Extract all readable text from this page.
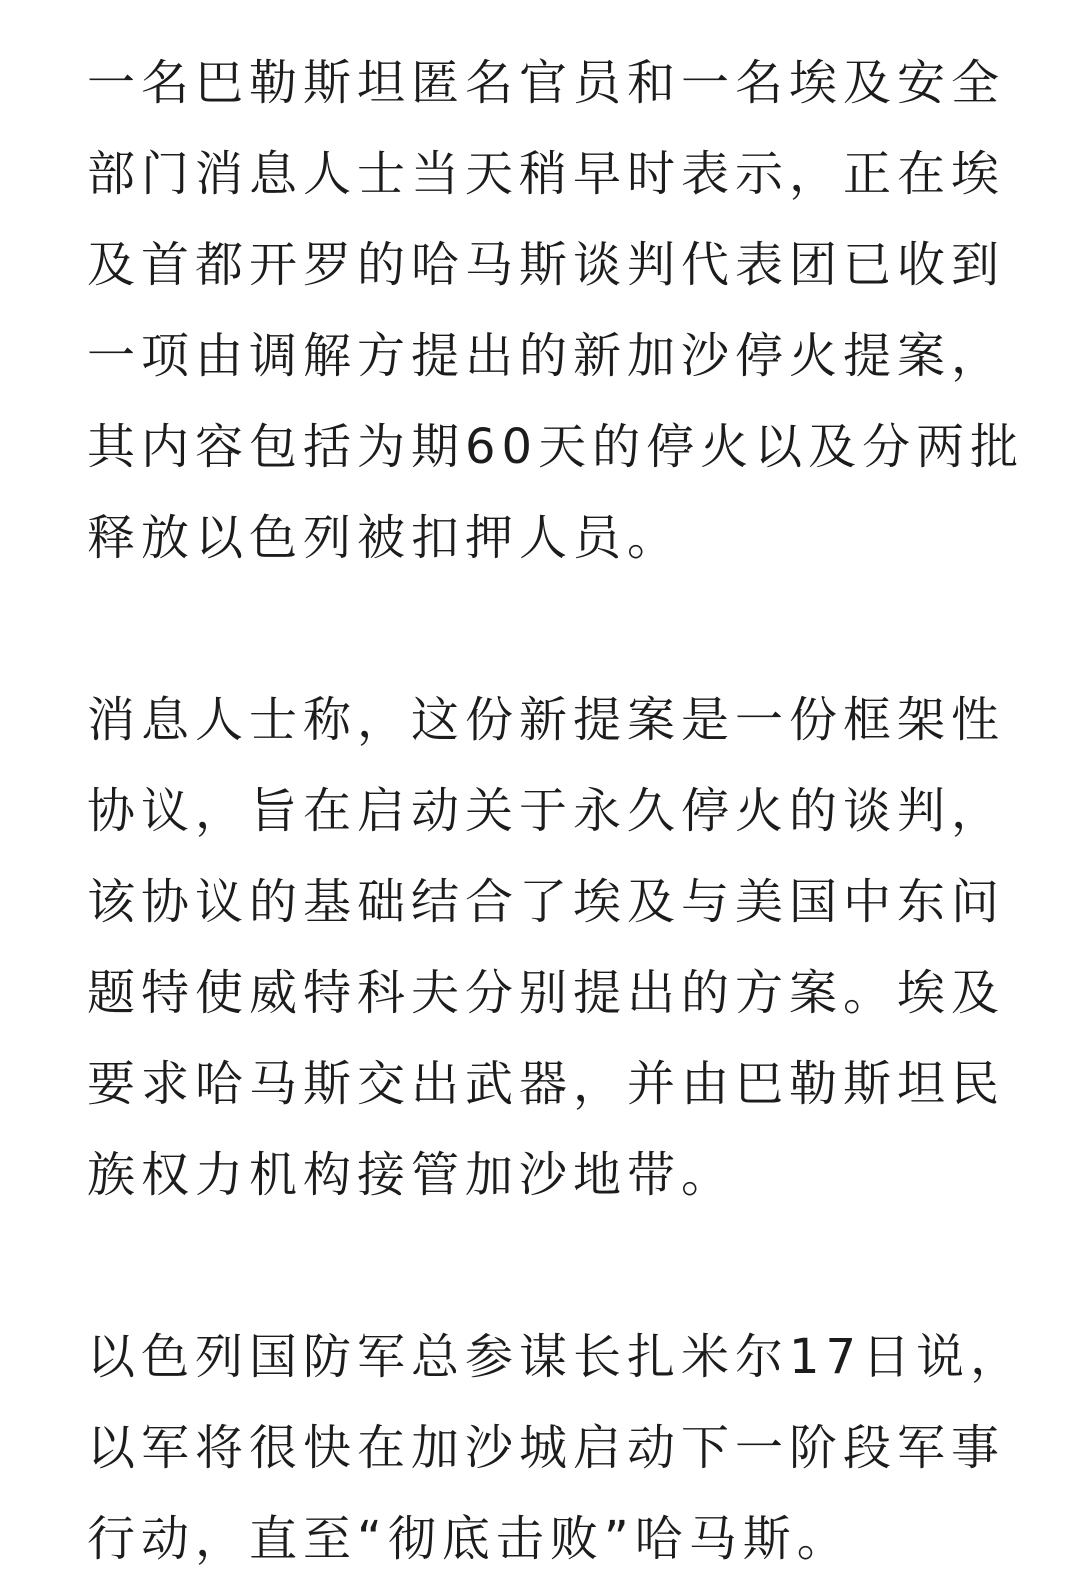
一名巴勒斯坦匿名官员和一名埃及安全
部门消息人士当天稍早时表示，正在埃
及首都开罗的哈马斯谈判代表团已收到
一项由调解方提出的新加沙停火提案，
其内容包括为期60天的停火以及分两批
释放以色列被扣押人员。

消息人士称，这份新提案是一份框架性
协议，旨在启动关于永久停火的谈判，
该协议的基础结合了埃及与美国中东问
题特使威特科夫分别提出的方案。埃及
要求哈马斯交出武器，并由巴勒斯坦民
族权力机构接管加沙地带。

以色列国防军总参谋长扎米尔17日说，
以军将很快在加沙城启动下一阶段军事
行动，直至“彻底击败”哈马斯。
